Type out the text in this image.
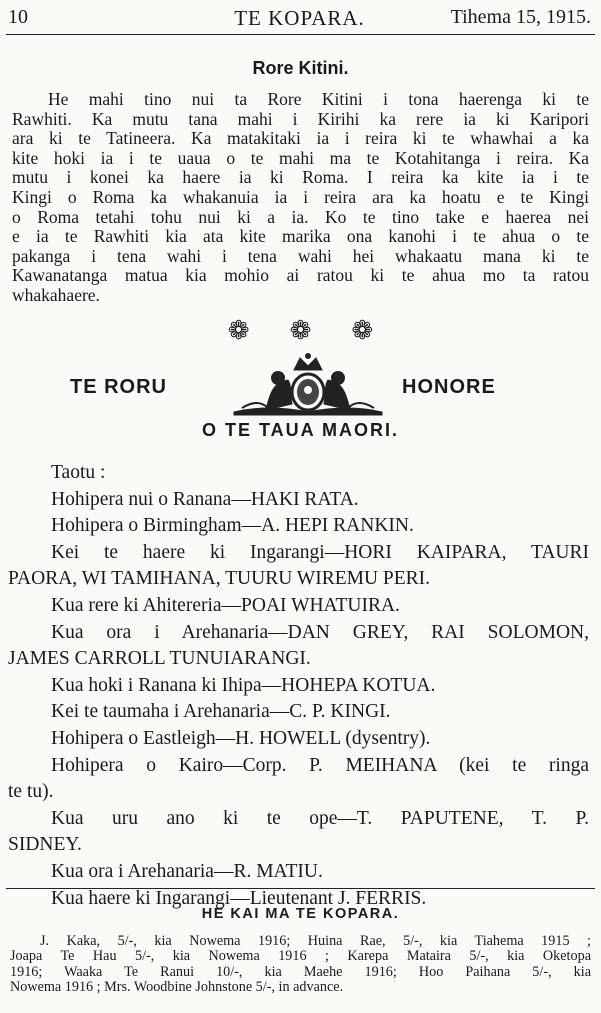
10	TE KOPARA.	Tihema 15, 1915.
Rore Kitini.
He mahi tino nui ta Rore Kitini i tona haerenga ki te
Rawhiti. Ka mutu tana mahi i Kirihi ka rere ia ki Karipori
ara ki te Tatineera. Ka matakitaki ia i reira ki te whawhai a ka
kite hoki ia i te uaua o te mahi ma te Kotahitanga i reira. Ka
mutu i konei ka haere ia ki Roma. I reira ka kite ia i te
Kingi o Roma ka whakanuia ia i reira ara ka hoatu e te Kingi
o Roma tetahi tohu nui ki a ia. Ko te tino take e haerea nei
e ia te Rawhiti kia ata kite marika ona kanohi i te ahua o te
pakanga i tena wahi i tena wahi hei whakaatu mana ki te
Kawanatanga matua kia mohio ai ratou ki te ahua mo ta ratou
whakahaere.
❁❁❁
TE RORU	HONORE
O TE TAUA MAORI.
Taotu :
Hohipera nui o Ranana—HAKI RATA.
Hohipera o Birmingham—A. HEPI RANKIN.
Kei te haere ki Ingarangi—HORI KAIPARA, TAURI
PAORA, WI TAMIHANA, TUURU WIREMU PERI.
Kua rere ki Ahitereria—POAI WHATUIRA.
Kua ora i Arehanaria—DAN GREY, RAI SOLOMON,
JAMES CARROLL TUNUIARANGI.
Kua hoki i Ranana ki Ihipa—HOHEPA KOTUA.
Kei te taumaha i Arehanaria—C. P. KINGI.
Hohipera o Eastleigh—H. HOWELL (dysentry).
Hohipera o Kairo—Corp. P. MEIHANA (kei te ringa
te tu).
Kua uru ano ki te ope—T. PAPUTENE, T. P.
SIDNEY.
Kua ora i Arehanaria—R. MATIU.
Kua haere ki Ingarangi—Lieutenant J. FERRIS.
HE KAI MA TE KOPARA.
J. Kaka, 5/-, kia Nowema 1916; Huina Rae, 5/-, kia Tiahema 1915 ;
Joapa Te Hau 5/-, kia Nowema 1916 ; Karepa Mataira 5/-, kia Oketopa
1916; Waaka Te Ranui 10/-, kia Maehe 1916; Hoo Paihana 5/-, kia
Nowema 1916 ; Mrs. Woodbine Johnstone 5/-, in advance.
